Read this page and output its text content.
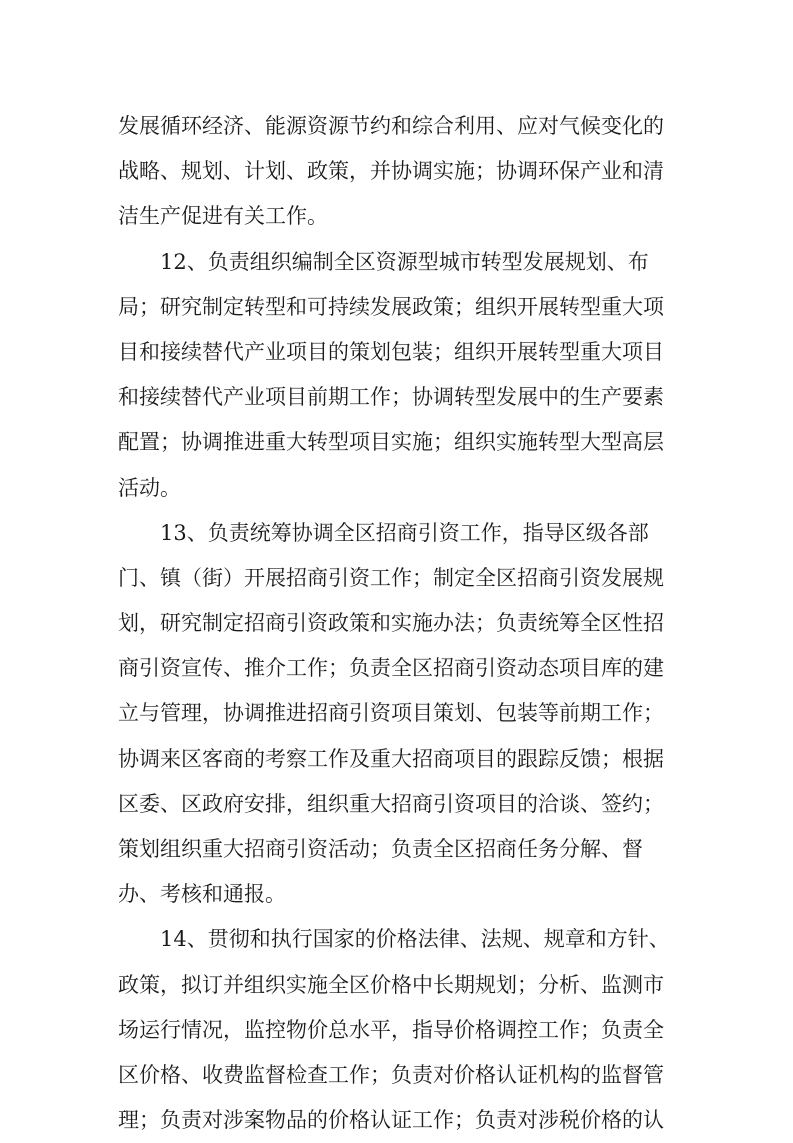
发展循环经济、能源资源节约和综合利用、应对气候变化的
战略、规划、计划、政策，并协调实施；协调环保产业和清
洁生产促进有关工作。
12、负责组织编制全区资源型城市转型发展规划、布
局；研究制定转型和可持续发展政策；组织开展转型重大项
目和接续替代产业项目的策划包装；组织开展转型重大项目
和接续替代产业项目前期工作；协调转型发展中的生产要素
配置；协调推进重大转型项目实施；组织实施转型大型高层
活动。
13、负责统筹协调全区招商引资工作，指导区级各部
门、镇（街）开展招商引资工作；制定全区招商引资发展规
划，研究制定招商引资政策和实施办法；负责统筹全区性招
商引资宣传、推介工作；负责全区招商引资动态项目库的建
立与管理，协调推进招商引资项目策划、包装等前期工作；
协调来区客商的考察工作及重大招商项目的跟踪反馈；根据
区委、区政府安排，组织重大招商引资项目的洽谈、签约；
策划组织重大招商引资活动；负责全区招商任务分解、督
办、考核和通报。
14、贯彻和执行国家的价格法律、法规、规章和方针、
政策，拟订并组织实施全区价格中长期规划；分析、监测市
场运行情况，监控物价总水平，指导价格调控工作；负责全
区价格、收费监督检查工作；负责对价格认证机构的监督管
理；负责对涉案物品的价格认证工作；负责对涉税价格的认
